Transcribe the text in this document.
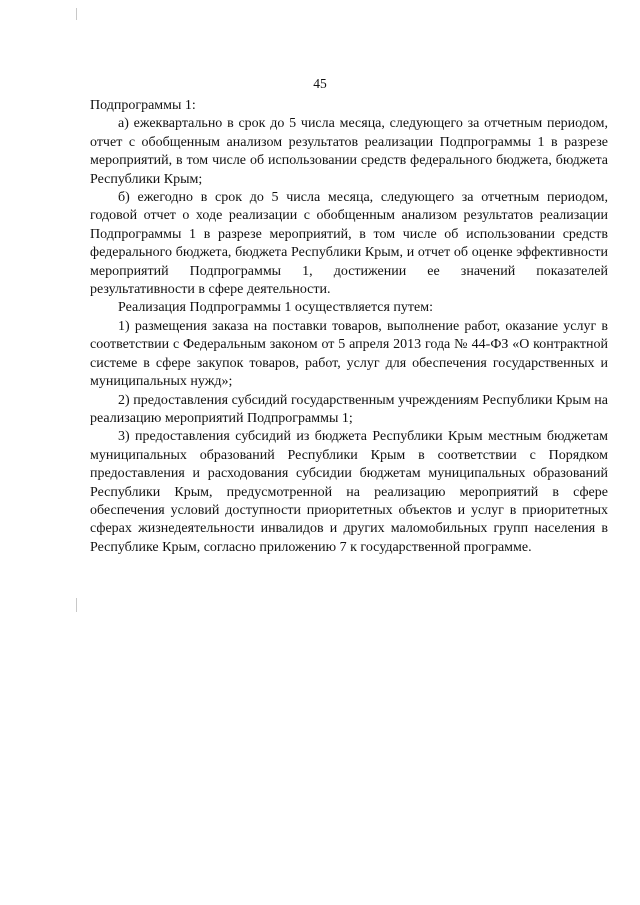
45

Подпрограммы 1:

а) ежеквартально в срок до 5 числа месяца, следующего за отчетным периодом, отчет с обобщенным анализом результатов реализации Подпрограммы 1 в разрезе мероприятий, в том числе об использовании средств федерального бюджета, бюджета Республики Крым;

б) ежегодно в срок до 5 числа месяца, следующего за отчетным периодом, годовой отчет о ходе реализации с обобщенным анализом результатов реализации Подпрограммы 1 в разрезе мероприятий, в том числе об использовании средств федерального бюджета, бюджета Республики Крым, и отчет об оценке эффективности мероприятий Подпрограммы 1, достижении ее значений показателей результативности в сфере деятельности.

Реализация Подпрограммы 1 осуществляется путем:

1) размещения заказа на поставки товаров, выполнение работ, оказание услуг в соответствии с Федеральным законом от 5 апреля 2013 года № 44-ФЗ «О контрактной системе в сфере закупок товаров, работ, услуг для обеспечения государственных и муниципальных нужд»;

2) предоставления субсидий государственным учреждениям Республики Крым на реализацию мероприятий Подпрограммы 1;

3) предоставления субсидий из бюджета Республики Крым местным бюджетам муниципальных образований Республики Крым в соответствии с Порядком предоставления и расходования субсидии бюджетам муниципальных образований Республики Крым, предусмотренной на реализацию мероприятий в сфере обеспечения условий доступности приоритетных объектов и услуг в приоритетных сферах жизнедеятельности инвалидов и других маломобильных групп населения в Республике Крым, согласно приложению 7 к государственной программе.
